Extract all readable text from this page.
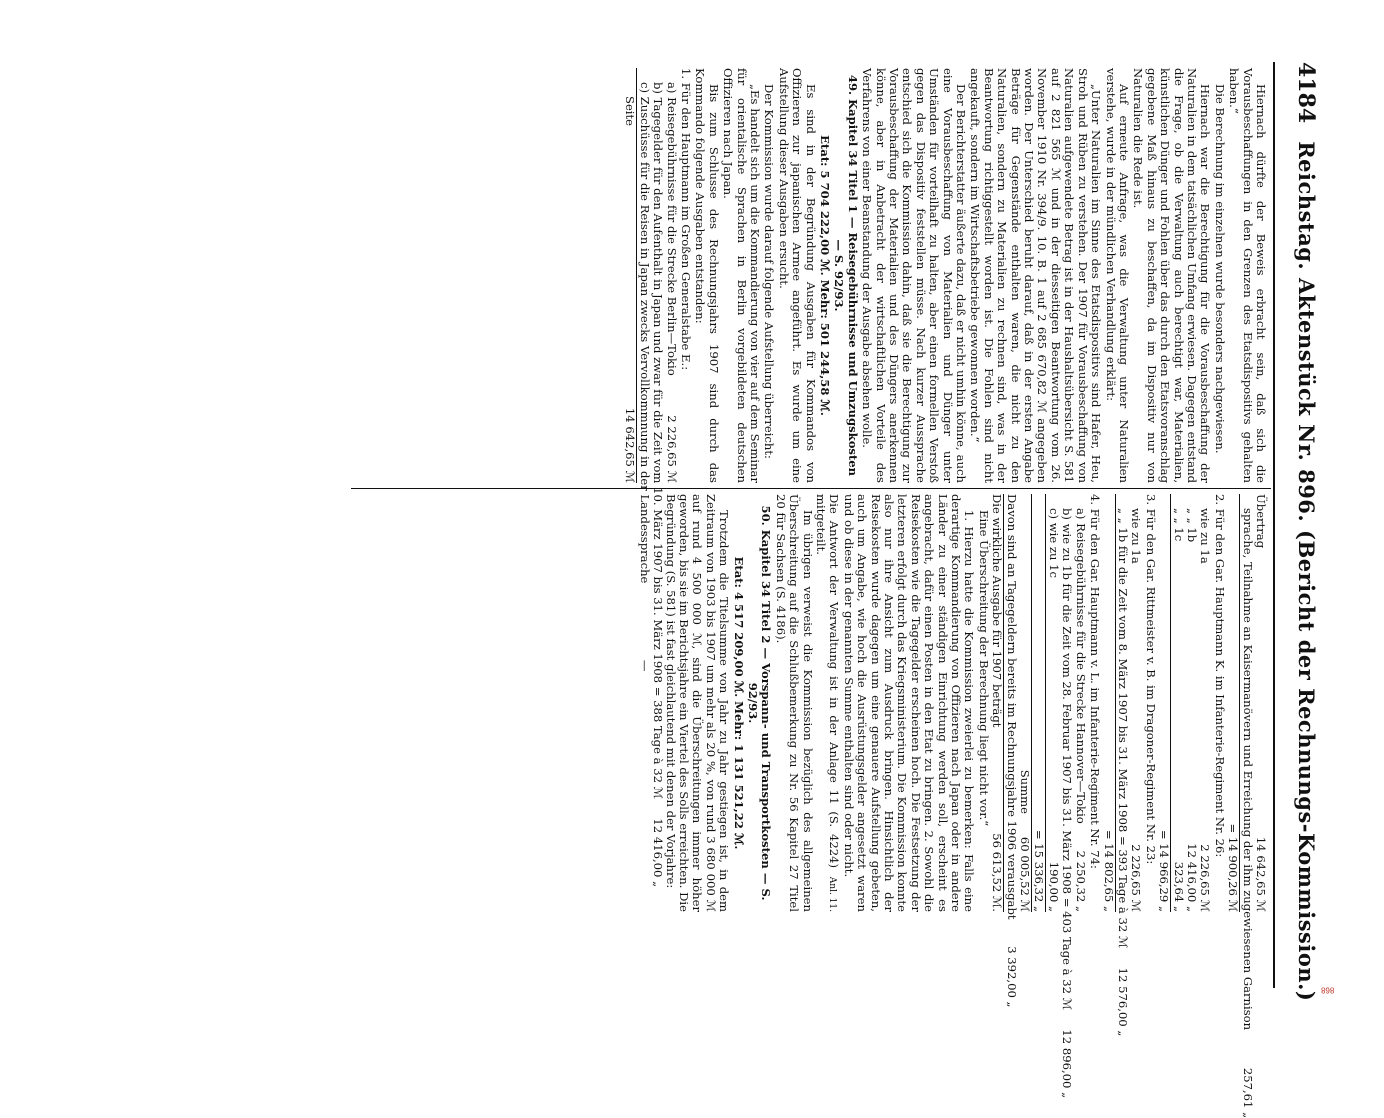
868
4184
Reichstag. Aktenstück Nr. 896. (Bericht der Rechnungs-Kommission.)

Hiernach dürfte der Beweis erbracht sein, daß sich die Vorausbeschaffungen in den Grenzen des Etatsdispositivs gehalten haben.“

Die Berechnung im einzelnen wurde besonders nachgewiesen.

Hiernach war die Berechtigung für die Vorausbeschaffung der Naturalien in dem tatsächlichen Umfang erwiesen. Dagegen entstand die Frage, ob die Verwaltung auch berechtigt war, Materialien, künstlichen Dünger und Fohlen über das durch den Etatsvoranschlag gegebene Maß hinaus zu beschaffen, da im Dispositiv nur von Naturalien die Rede ist.

Auf erneute Anfrage, was die Verwaltung unter Naturalien verstehe, wurde in der mündlichen Verhandlung erklärt:

„Unter Naturalien im Sinne des Etatsdispositivs sind Hafer, Heu, Stroh und Rüben zu verstehen. Der 1907 für Vorausbeschaffung von Naturalien aufgewendete Betrag ist in der Haushaltsübersicht S. 581 auf 2 821 565 ℳ und in der diesseitigen Beantwortung vom 26. November 1910 Nr. 394/9. 10. B. 1 auf 2 685 670,82 ℳ angegeben worden. Der Unterschied beruht darauf, daß in der ersten Angabe Beträge für Gegenstände enthalten waren, die nicht zu den Naturalien, sondern zu Materialien zu rechnen sind, was in der Beantwortung richtiggestellt worden ist. Die Fohlen sind nicht angekauft, sondern im Wirtschaftsbetriebe gewonnen worden.“

Der Berichterstatter äußerte dazu, daß er nicht umhin könne, auch eine Vorausbeschaffung von Materialien und Dünger unter Umständen für vorteilhaft zu halten, aber einen formellen Verstoß gegen das Dispositiv feststellen müsse. Nach kurzer Aussprache entschied sich die Kommission dahin, daß sie die Berechtigung zur Vorausbeschaffung der Materialien und des Düngers anerkennen könne, aber in Anbetracht der wirtschaftlichen Vorteile des Verfahrens von einer Beanstandung der Ausgabe absehen wolle.

49. Kapitel 34 Titel 1 — Reisegebührnisse und Umzugskosten — S. 92/93.

Etat: 5 704 222,00 ℳ. Mehr: 501 244,58 ℳ.

Es sind in der Begründung Ausgaben für Kommandos von Offizieren zur japanischen Armee angeführt. Es wurde um eine Aufstellung dieser Ausgaben ersucht.

Der Kommission wurde darauf folgende Aufstellung überreicht:

„Es handelt sich um die Kommandierung von vier auf dem Seminar für orientalische Sprachen in Berlin vorgebildeten deutschen Offizieren nach Japan.

Bis zum Schlusse des Rechnungsjahrs 1907 sind durch das Kommando folgende Ausgaben entstanden:

1. Für den Hauptmann im Großen Generalstabe E.:

a) Reisegebührnisse für die Strecke Berlin—Tokio
2 226,65 ℳ
b) Tagegelder für den Aufenthalt in Japan und zwar für die Zeit vom 10. März 1907 bis 31. März 1908 = 388 Tage à 32 ℳ
12 416,00 „
c) Zuschüsse für die Reisen in Japan zwecks Vervollkommnung in der Landessprache
—
Seite
14 642,65 ℳ
Übertrag
14 642,65 ℳ
sprache, Teilnahme an Kaisermanövern und Erreichung der ihm zugewiesenen Garnison
257,61 „
= 14 900,26 ℳ

2. Für den Gar. Hauptmann K. im Infanterie-Regiment Nr. 26:

wie zu 1a
2 226,65 ℳ
„ „ 1b
12 416,00 „
„ „ 1c
323,64 „
= 14 966,29 „

3. Für den Gar. Rittmeister v. B. im Dragoner-Regiment Nr. 23:

wie zu 1a
2 226,65 ℳ
„ „ 1b für die Zeit vom 8. März 1907 bis 31. März 1908 = 393 Tage à 32 ℳ
12 576,00 „
= 14 802,65 „

4. Für den Gar. Hauptmann v. L. im Infanterie-Regiment Nr. 74:

a) Reisegebührnisse für die Strecke Hannover—Tokio
2 250,32 „
b) wie zu 1b für die Zeit vom 28. Februar 1907 bis 31. März 1908 = 403 Tage à 32 ℳ
12 896,00 „
c) wie zu 1c
190,00 „
= 15 336,32 „
Summe
60 005,52 ℳ
Davon sind an Tagegeldern bereits im Rechnungsjahre 1906 verausgabt
3 392,00 „
Die wirkliche Ausgabe für 1907 beträgt
56 613,52 ℳ.

Eine Überschreitung der Berechnung liegt nicht vor.“

1. Hierzu hatte die Kommission zweierlei zu bemerken: Falls eine derartige Kommandierung von Offizieren nach Japan oder in andere Länder zu einer ständigen Einrichtung werden soll, erscheint es angebracht, dafür einen Posten in den Etat zu bringen. 2. Sowohl die Reisekosten wie die Tagegelder erscheinen hoch. Die Festsetzung der letzteren erfolgt durch das Kriegsministerium. Die Kommission konnte also nur ihre Ansicht zum Ausdruck bringen. Hinsichtlich der Reisekosten wurde dagegen um eine genauere Aufstellung gebeten, auch um Angabe, wie hoch die Ausrüstungsgelder angesetzt waren und ob diese in der genannten Summe enthalten sind oder nicht.

Die Antwort der Verwaltung ist in der Anlage 11 (S. 4224) mitgeteilt.
Anl. 11.

Im übrigen verweist die Kommission bezüglich des allgemeinen Überschreitung auf die Schlußbemerkung zu Nr. 56 Kapitel 27 Titel 20 für Sachsen (S. 4186).

50. Kapitel 34 Titel 2 — Vorspann- und Transportkosten — S. 92/93.

Etat: 4 517 209,00 ℳ. Mehr: 1 131 521,22 ℳ.

Trotzdem die Titelsumme von Jahr zu Jahr gestiegen ist, in dem Zeitraum von 1903 bis 1907 um mehr als 20 %, von rund 3 680 000 ℳ auf rund 4 500 000 ℳ, sind die Überschreitungen immer höher geworden, bis sie im Berichtsjahre ein Viertel des Solls erreichten. Die Begründung (S. 581) ist fast gleichlautend mit denen der Vorjahre:
